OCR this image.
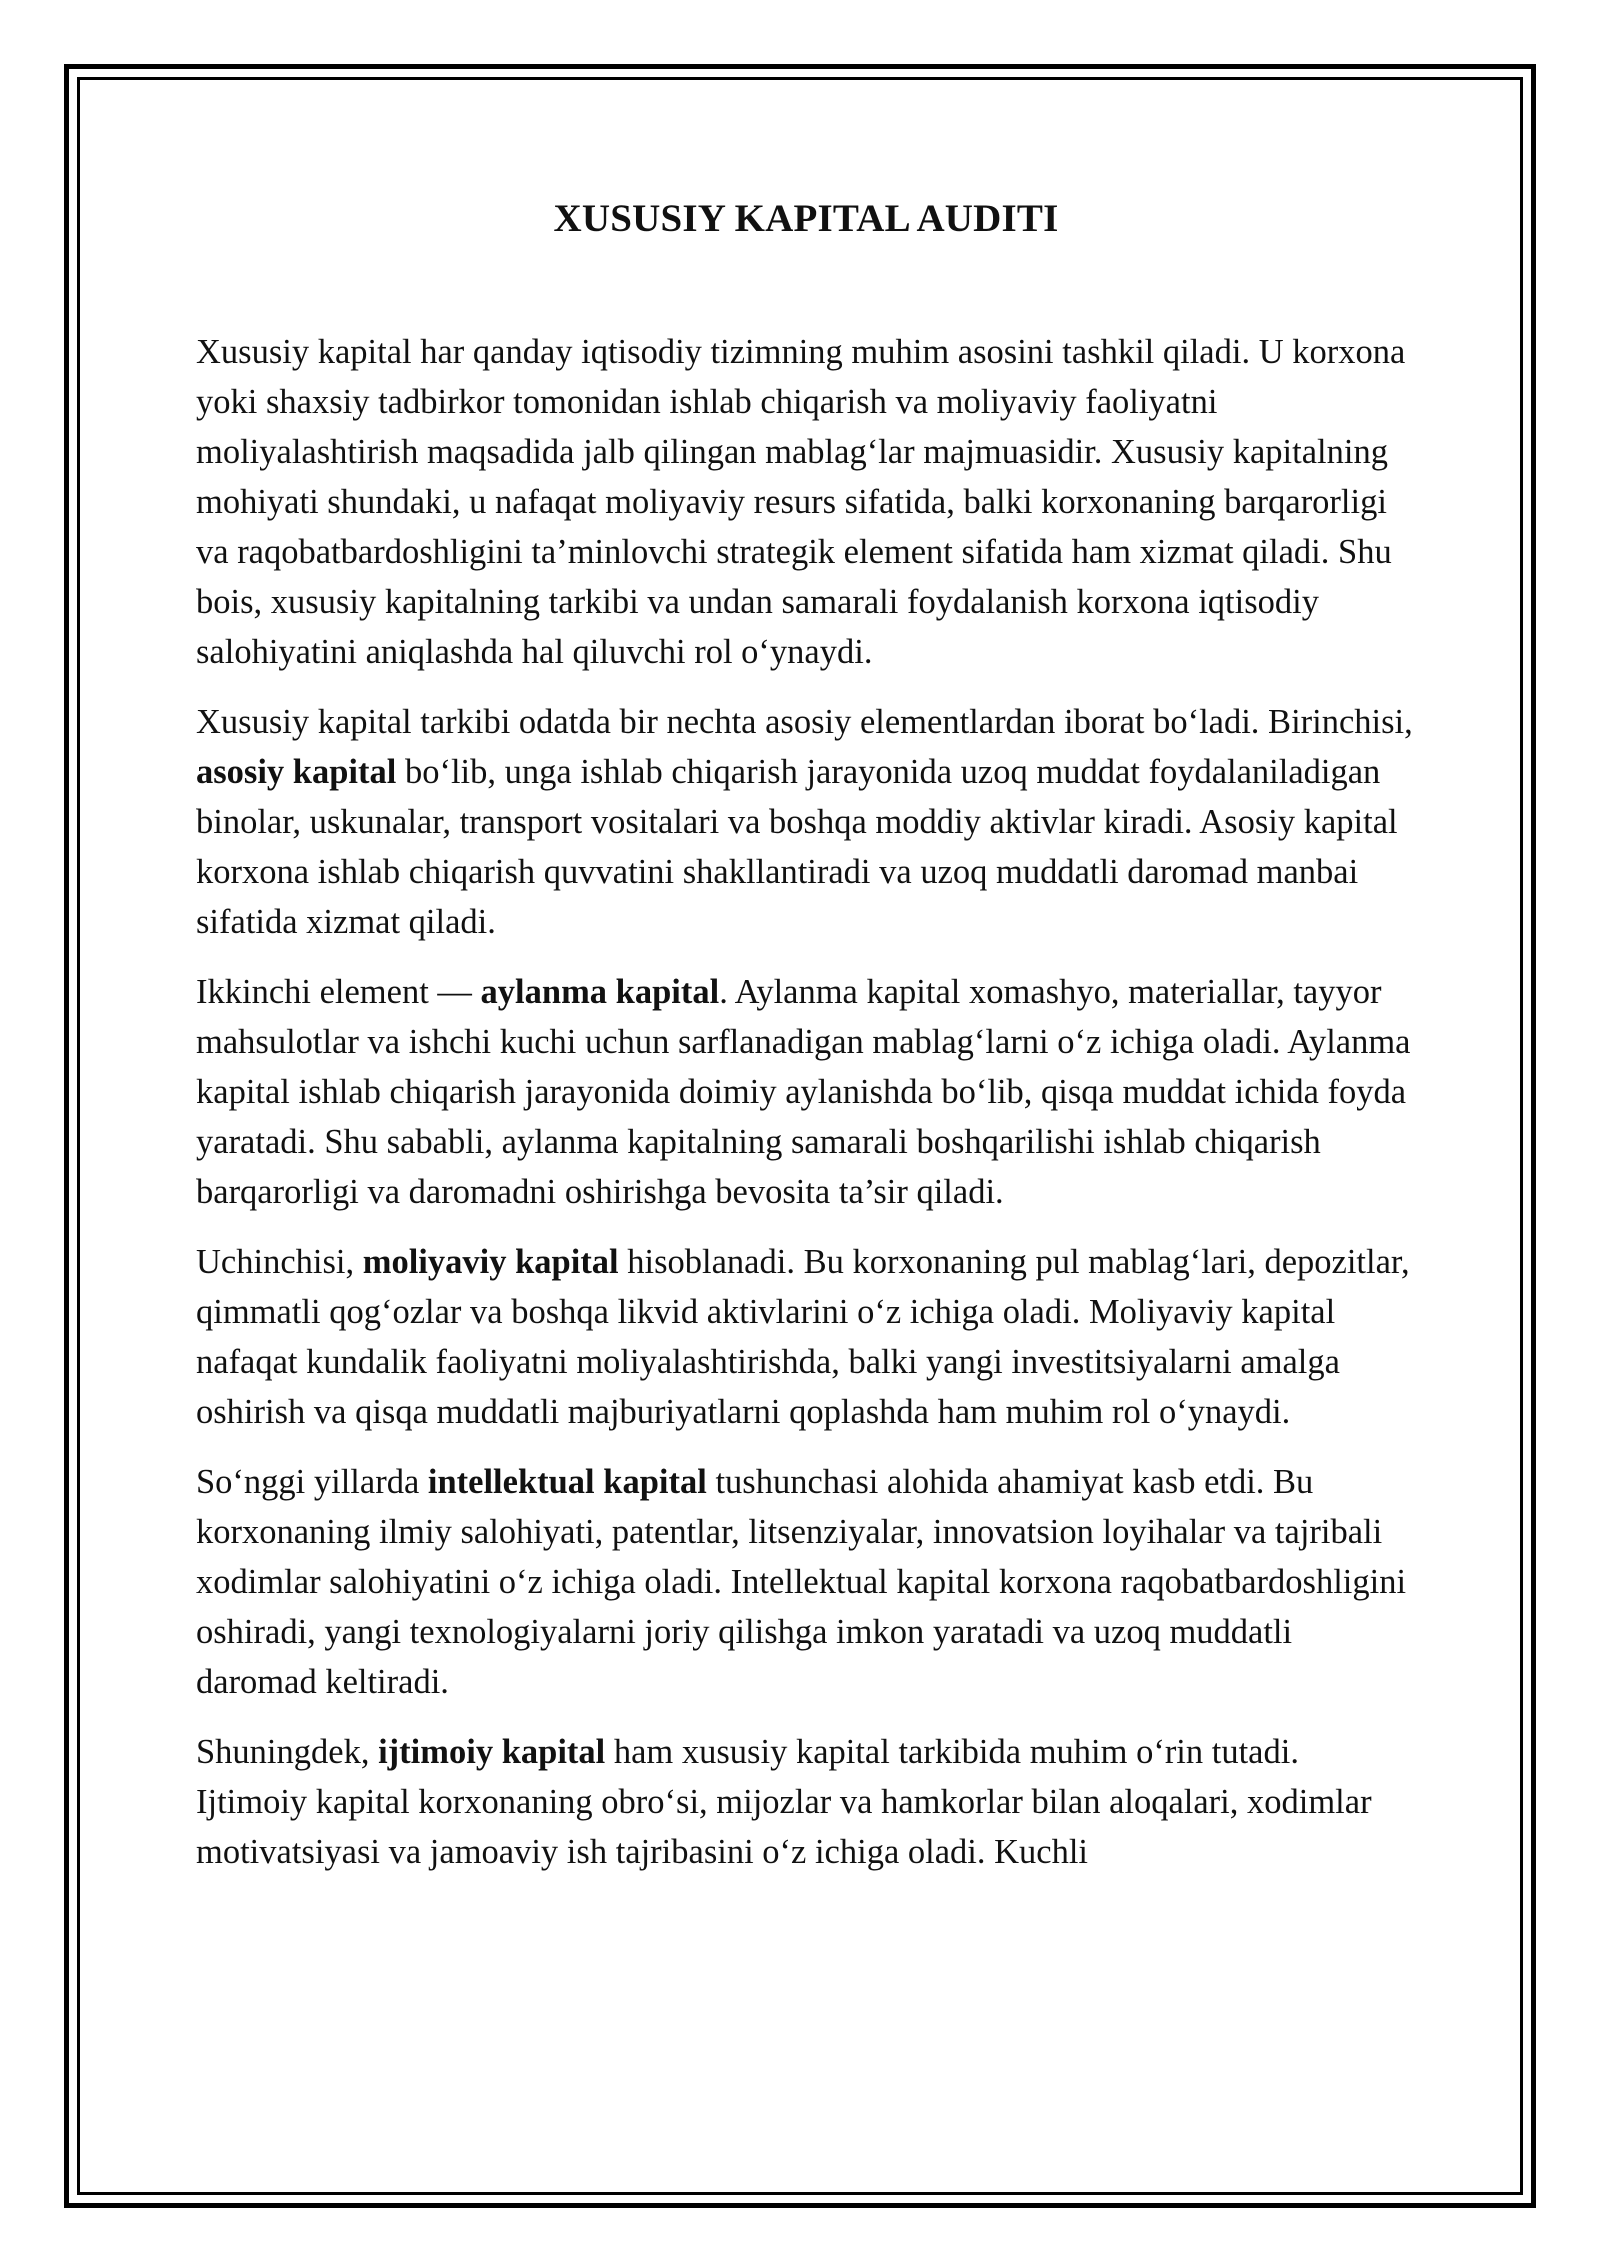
XUSUSIY KAPITAL AUDITI

Xususiy kapital har qanday iqtisodiy tizimning muhim asosini tashkil qiladi. U korxona yoki shaxsiy tadbirkor tomonidan ishlab chiqarish va moliyaviy faoliyatni moliyalashtirish maqsadida jalb qilingan mablag‘lar majmuasidir. Xususiy kapitalning mohiyati shundaki, u nafaqat moliyaviy resurs sifatida, balki korxonaning barqarorligi va raqobatbardoshligini ta’minlovchi strategik element sifatida ham xizmat qiladi. Shu bois, xususiy kapitalning tarkibi va undan samarali foydalanish korxona iqtisodiy salohiyatini aniqlashda hal qiluvchi rol o‘ynaydi.

Xususiy kapital tarkibi odatda bir nechta asosiy elementlardan iborat bo‘ladi. Birinchisi, asosiy kapital bo‘lib, unga ishlab chiqarish jarayonida uzoq muddat foydalaniladigan binolar, uskunalar, transport vositalari va boshqa moddiy aktivlar kiradi. Asosiy kapital korxona ishlab chiqarish quvvatini shakllantiradi va uzoq muddatli daromad manbai sifatida xizmat qiladi.

Ikkinchi element — aylanma kapital. Aylanma kapital xomashyo, materiallar, tayyor mahsulotlar va ishchi kuchi uchun sarflanadigan mablag‘larni o‘z ichiga oladi. Aylanma kapital ishlab chiqarish jarayonida doimiy aylanishda bo‘lib, qisqa muddat ichida foyda yaratadi. Shu sababli, aylanma kapitalning samarali boshqarilishi ishlab chiqarish barqarorligi va daromadni oshirishga bevosita ta’sir qiladi.

Uchinchisi, moliyaviy kapital hisoblanadi. Bu korxonaning pul mablag‘lari, depozitlar, qimmatli qog‘ozlar va boshqa likvid aktivlarini o‘z ichiga oladi. Moliyaviy kapital nafaqat kundalik faoliyatni moliyalashtirishda, balki yangi investitsiyalarni amalga oshirish va qisqa muddatli majburiyatlarni qoplashda ham muhim rol o‘ynaydi.

So‘nggi yillarda intellektual kapital tushunchasi alohida ahamiyat kasb etdi. Bu korxonaning ilmiy salohiyati, patentlar, litsenziyalar, innovatsion loyihalar va tajribali xodimlar salohiyatini o‘z ichiga oladi. Intellektual kapital korxona raqobatbardoshligini oshiradi, yangi texnologiyalarni joriy qilishga imkon yaratadi va uzoq muddatli daromad keltiradi.

Shuningdek, ijtimoiy kapital ham xususiy kapital tarkibida muhim o‘rin tutadi. Ijtimoiy kapital korxonaning obro‘si, mijozlar va hamkorlar bilan aloqalari, xodimlar motivatsiyasi va jamoaviy ish tajribasini o‘z ichiga oladi. Kuchli
